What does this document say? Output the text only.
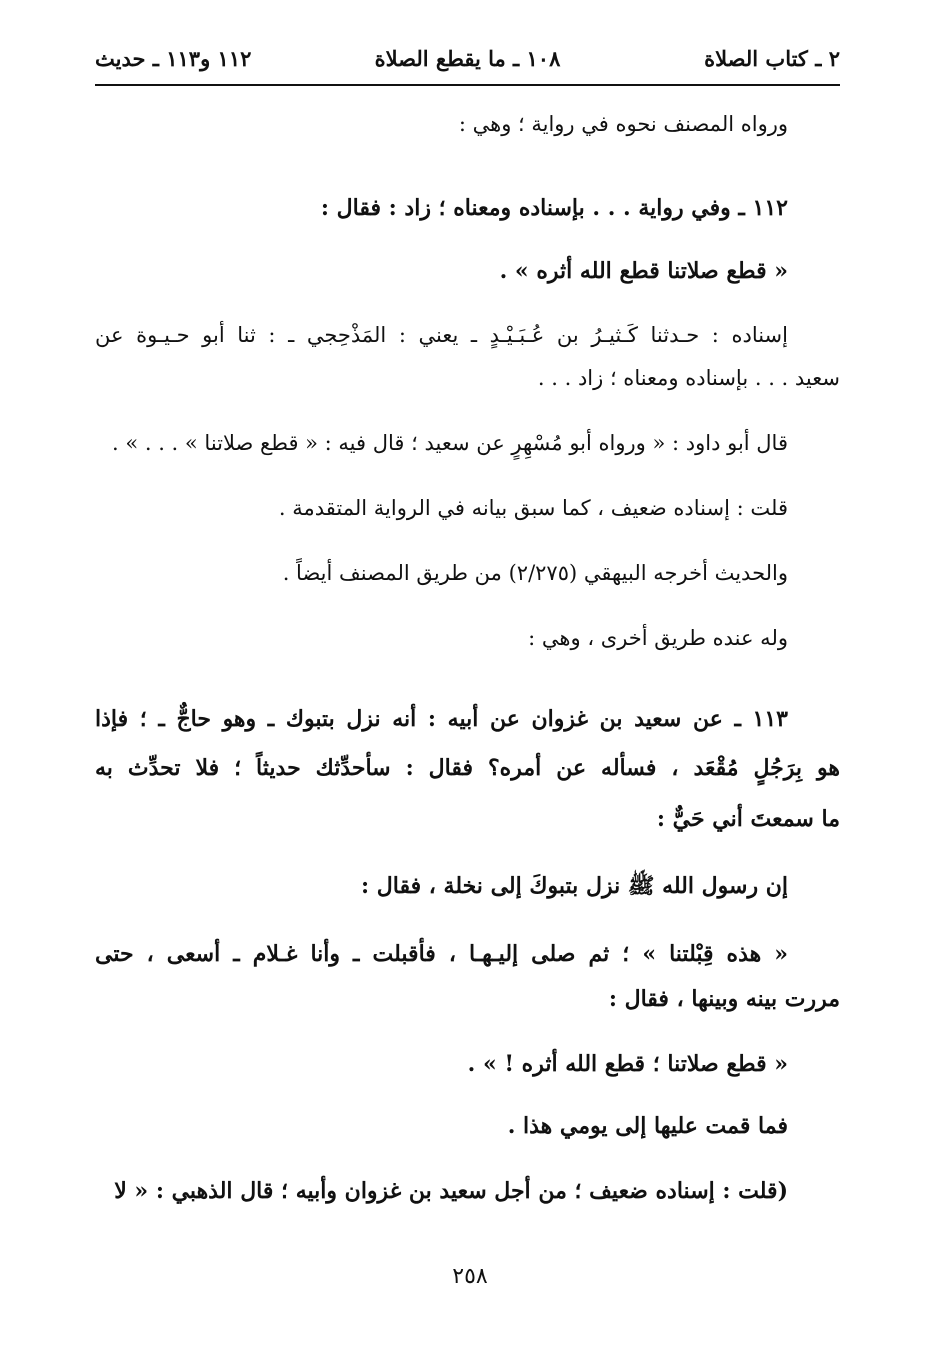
٢ ـ كتاب الصلاة
١٠٨ ـ ما يقطع الصلاة
١١٢ و١١٣ ـ حديث
ورواه المصنف نحوه في رواية ؛ وهي :
١١٢ ـ وفي رواية . . . بإسناده ومعناه ؛ زاد : فقال :
« قطع صلاتنا قطع الله أثره » .
إسناده : حـدثنا كَـثيـرُ بن عُـبَـيْـدٍ ـ يعني : المَذْحِجي ـ : ثنا أبو حـيـوة عن
سعيد . . . بإسناده ومعناه ؛ زاد . . .
قال أبو داود : « ورواه أبو مُسْهِرٍ عن سعيد ؛ قال فيه : « قطع صلاتنا » . . . » .
قلت : إسناده ضعيف ، كما سبق بيانه في الرواية المتقدمة .
والحديث أخرجه البيهقي (٢/٢٧٥) من طريق المصنف أيضاً .
وله عنده طريق أخرى ، وهي :
١١٣ ـ عن سعيد بن غزوان عن أبيه : أنه نزل بتبوك ـ وهو حاجٌّ ـ ؛ فإذا
هو بِرَجُلٍ مُقْعَد ، فسأله عن أمره؟ فقال : سأحدِّثك حديثاً ؛ فلا تحدِّث به
ما سمعتَ أني حَيٌّ :
إن رسول الله ﷺ نزل بتبوكَ إلى نخلة ، فقال :
« هذه قِبْلتنا » ؛ ثم صلى إليـهـا ، فأقبلت ـ وأنا غـلام ـ أسعى ، حتى
مررت بينه وبينها ، فقال :
« قطع صلاتنا ؛ قطع الله أثره ! » .
فما قمت عليها إلى يومي هذا .
(قلت : إسناده ضعيف ؛ من أجل سعيد بن غزوان وأبيه ؛ قال الذهبي : « لا
٢٥٨
